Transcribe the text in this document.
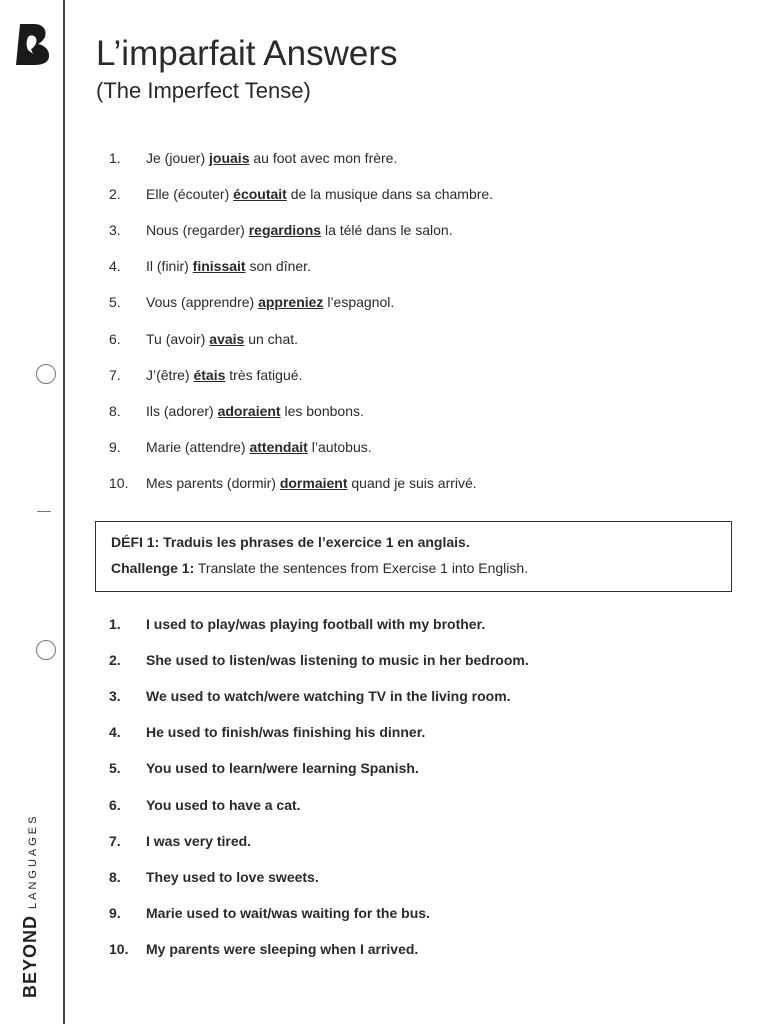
BEYONDLANGUAGES
L’imparfait Answers
(The Imperfect Tense)
1.	Je (jouer) jouais au foot avec mon frère.
2.	Elle (écouter) écoutait de la musique dans sa chambre.
3.	Nous (regarder) regardions la télé dans le salon.
4.	Il (finir) finissait son dîner.
5.	Vous (apprendre) appreniez l’espagnol.
6.	Tu (avoir) avais un chat.
7.	J’(être) étais très fatigué.
8.	Ils (adorer) adoraient les bonbons.
9.	Marie (attendre) attendait l’autobus.
10.	Mes parents (dormir) dormaient quand je suis arrivé.
DÉFI 1: Traduis les phrases de l’exercice 1 en anglais.
Challenge 1: Translate the sentences from Exercise 1 into English.
1.	I used to play/was playing football with my brother.
2.	She used to listen/was listening to music in her bedroom.
3.	We used to watch/were watching TV in the living room.
4.	He used to finish/was finishing his dinner.
5.	You used to learn/were learning Spanish.
6.	You used to have a cat.
7.	I was very tired.
8.	They used to love sweets.
9.	Marie used to wait/was waiting for the bus.
10.	My parents were sleeping when I arrived.
